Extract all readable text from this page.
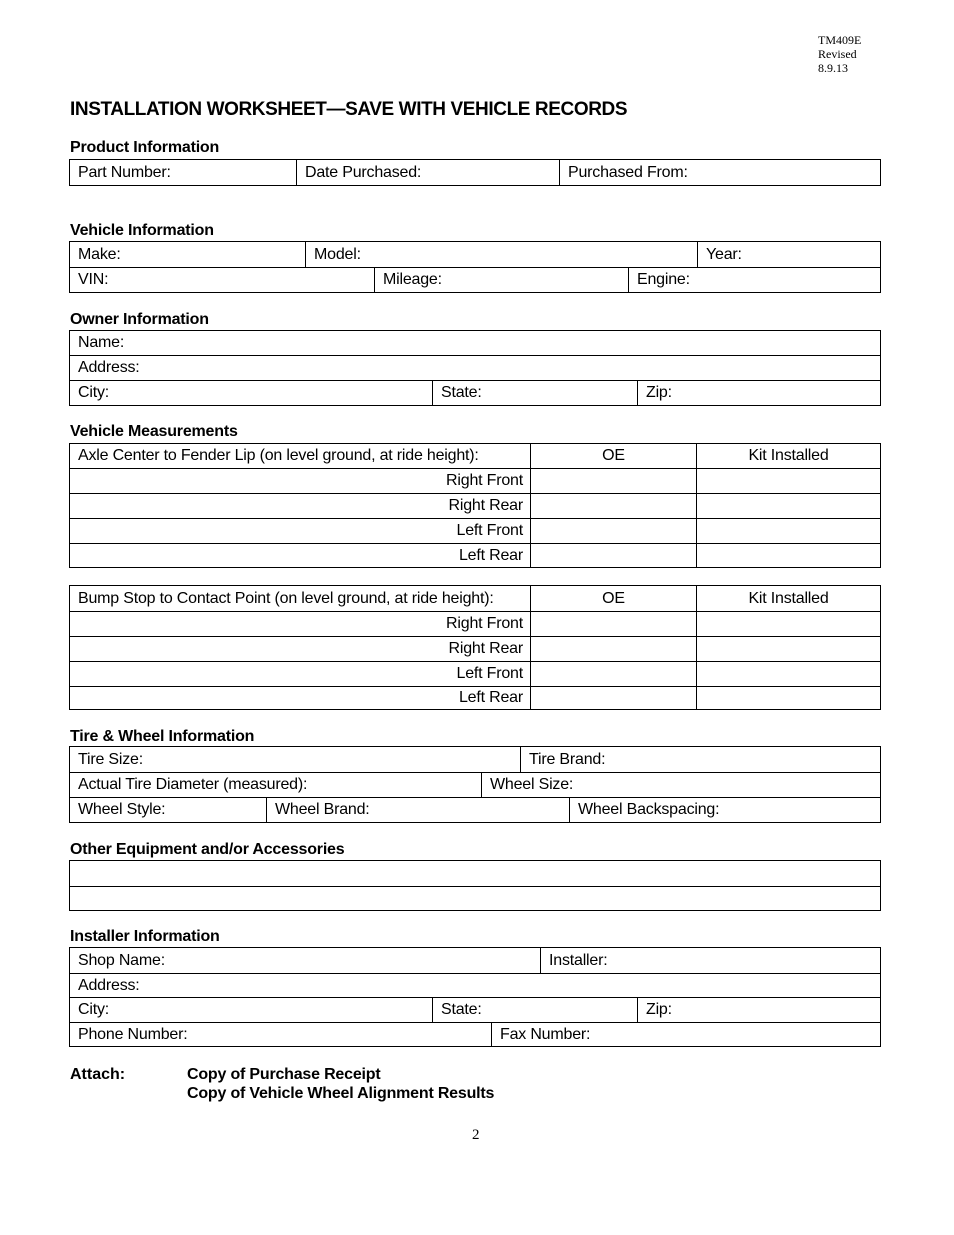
TM409E
Revised
8.9.13
INSTALLATION WORKSHEET—SAVE WITH VEHICLE RECORDS
Product Information
Part Number:	Date Purchased:	Purchased From:
Vehicle Information
Make:	Model:	Year:
VIN:	Mileage:	Engine:
Owner Information
Name:
Address:
City:	State:	Zip:
Vehicle Measurements
Axle Center to Fender Lip (on level ground, at ride height):	OE	Kit Installed
Right Front
Right Rear
Left Front
Left Rear
Bump Stop to Contact Point (on level ground, at ride height):	OE	Kit Installed
Right Front
Right Rear
Left Front
Left Rear
Tire & Wheel Information
Tire Size:	Tire Brand:
Actual Tire Diameter (measured):	Wheel Size:
Wheel Style:	Wheel Brand:	Wheel Backspacing:
Other Equipment and/or Accessories
Installer Information
Shop Name:	Installer:
Address:
City:	State:	Zip:
Phone Number:	Fax Number:
Attach:	Copy of Purchase Receipt
Copy of Vehicle Wheel Alignment Results
2
